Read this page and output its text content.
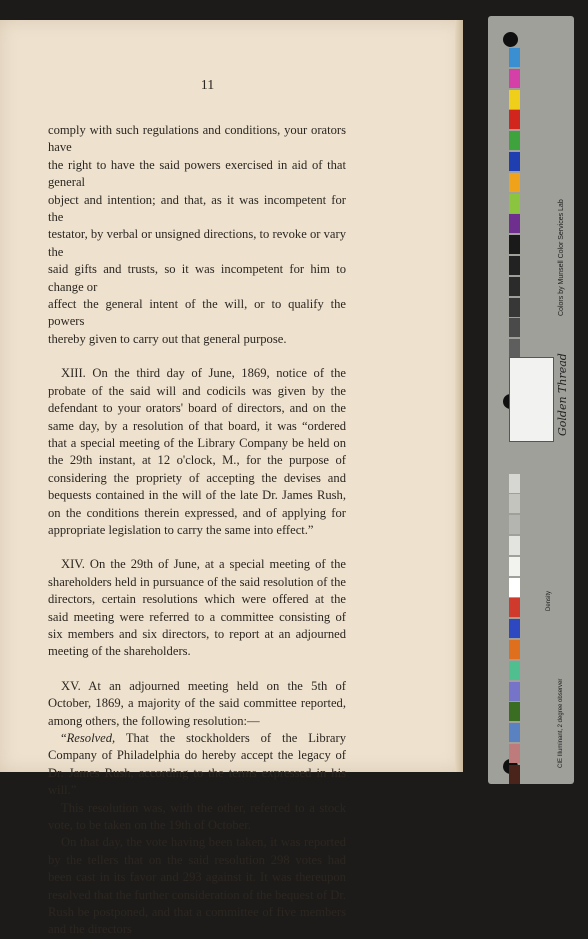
11

comply with such regulations and conditions, your orators have

the right to have the said powers exercised in aid of that general

object and intention; and that, as it was incompetent for the

testator, by verbal or unsigned directions, to revoke or vary the

said gifts and trusts, so it was incompetent for him to change or

affect the general intent of the will, or to qualify the powers

thereby given to carry out that general purpose.

XIII. On the third day of June, 1869, notice of the probate of the said will and codicils was given by the defendant to your orators' board of directors, and on the same day, by a resolution of that board, it was “ordered that a special meeting of the Library Company be held on the 29th instant, at 12 o'clock, M., for the purpose of considering the propriety of accepting the devises and bequests contained in the will of the late Dr. James Rush, on the conditions therein expressed, and of applying for appropriate legislation to carry the same into effect.”

XIV. On the 29th of June, at a special meeting of the shareholders held in pursuance of the said resolution of the directors, certain resolutions which were offered at the said meeting were referred to a committee consisting of six members and six directors, to report at an adjourned meeting of the shareholders.

XV. At an adjourned meeting held on the 5th of October, 1869, a majority of the said committee reported, among others, the following resolution:—

“Resolved, That the stockholders of the Library Company of Philadelphia do hereby accept the legacy of Dr. James Rush, according to the terms expressed in his will.”

This resolution was, with the other, referred to a stock vote, to be taken on the 19th of October.

On that day, the vote having been taken, it was reported by the tellers that on the said resolution 298 votes had been cast in its favor and 293 against it. It was thereupon resolved that the further consideration of the bequest of Dr. Rush be postponed, and that a committee of five members and the directors

Colors by Munsell Color Services Lab
CIE Illuminant, 2 degree observer
Density
Golden Thread
